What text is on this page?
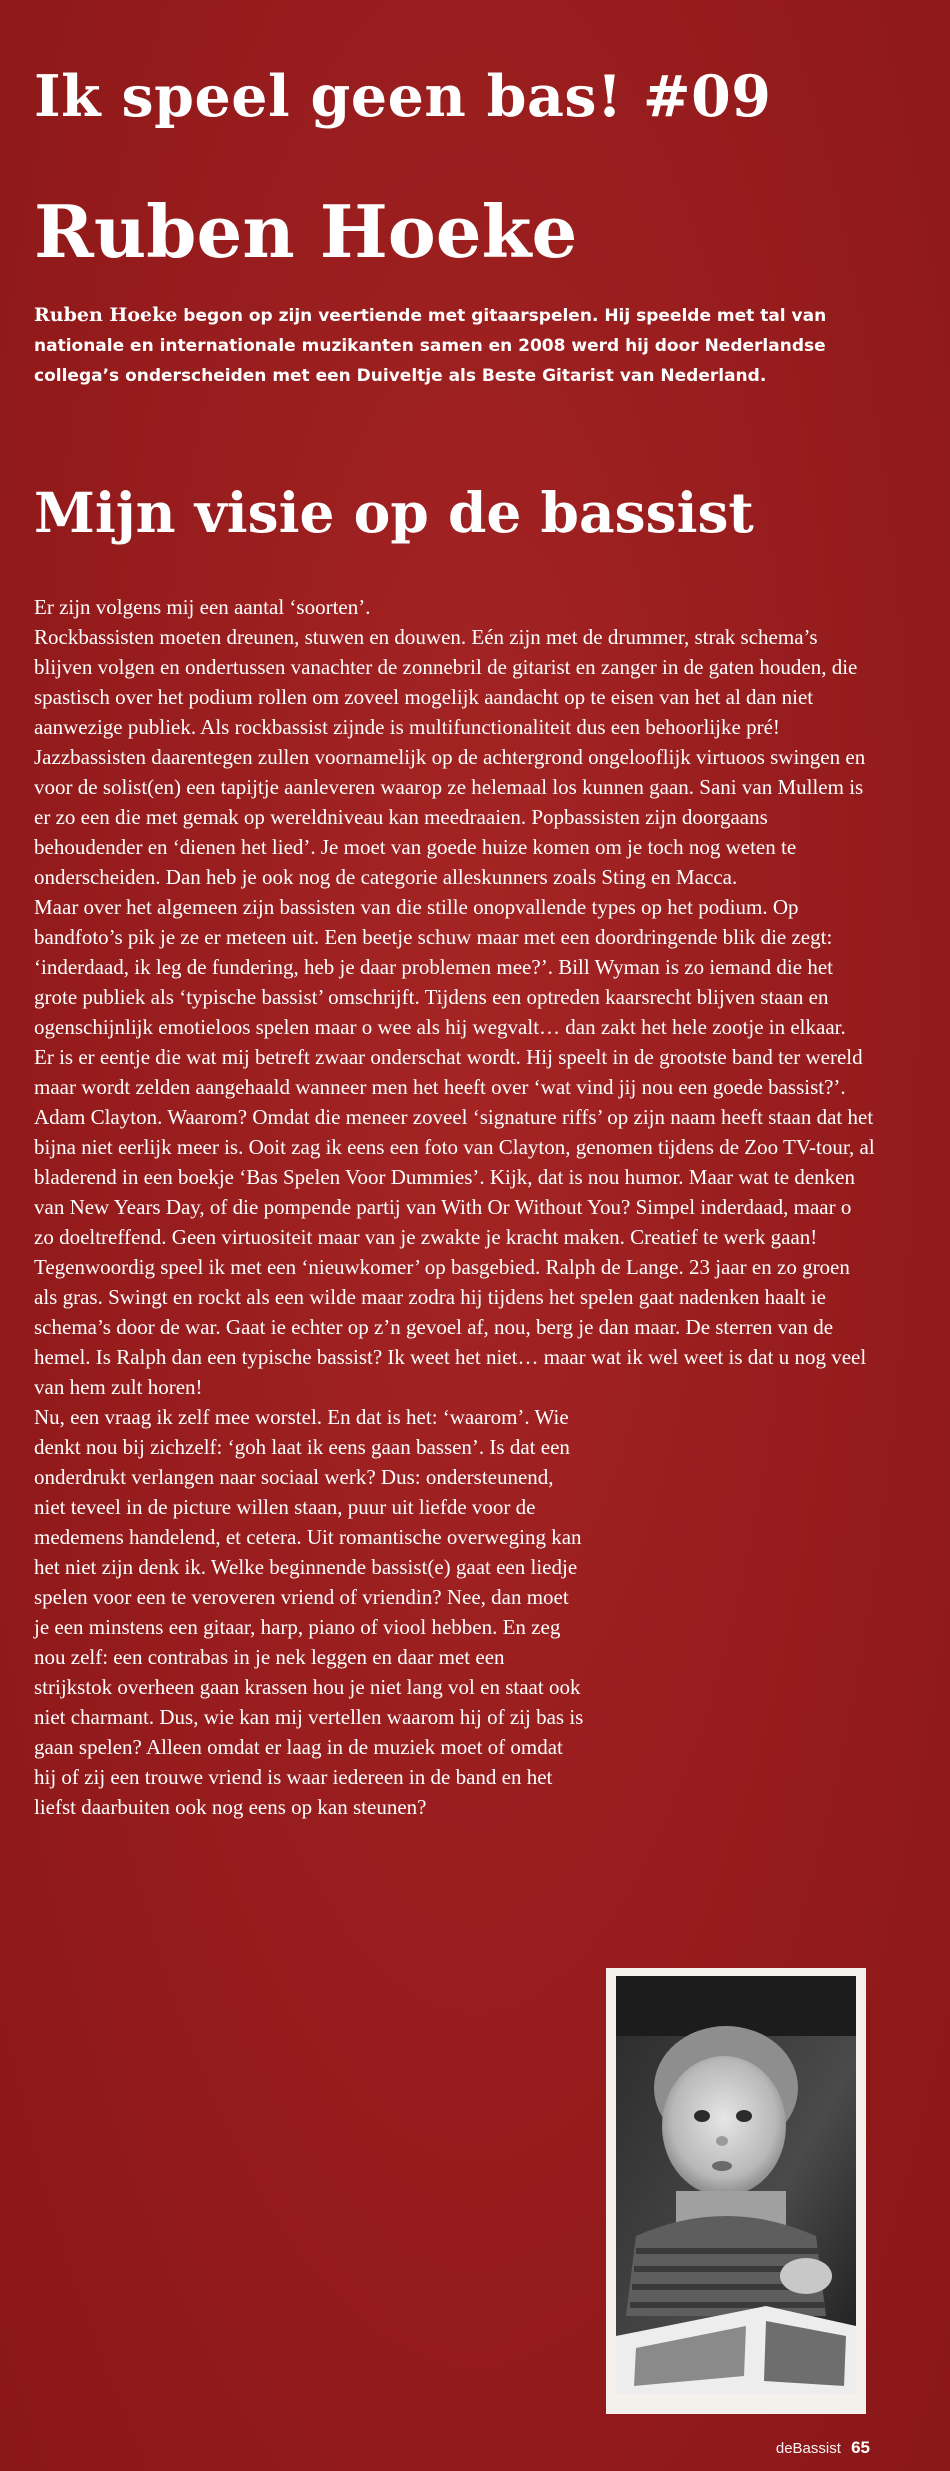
Ik speel geen bas! #09
Ruben Hoeke

Ruben Hoeke begon op zijn veertiende met gitaarspelen. Hij speelde met tal van nationale en internationale muzikanten samen en 2008 werd hij door Nederlandse collega’s onderscheiden met een Duiveltje als Beste Gitarist van Nederland.

Mijn visie op de bassist

Er zijn volgens mij een aantal ‘soorten’.

Rockbassisten moeten dreunen, stuwen en douwen. Eén zijn met de drummer, strak schema’s blijven volgen en ondertussen vanachter de zonnebril de gitarist en zanger in de gaten houden, die spastisch over het podium rollen om zoveel mogelijk aandacht op te eisen van het al dan niet aanwezige publiek. Als rockbassist zijnde is multifunctionaliteit dus een behoorlijke pré! Jazzbassisten daarentegen zullen voornamelijk op de achtergrond ongelooflijk virtuoos swingen en voor de solist(en) een tapijtje aanleveren waarop ze helemaal los kunnen gaan. Sani van Mullem is er zo een die met gemak op wereldniveau kan meedraaien. Popbassisten zijn doorgaans behoudender en ‘dienen het lied’. Je moet van goede huize komen om je toch nog weten te onderscheiden. Dan heb je ook nog de categorie alleskunners zoals Sting en Macca.

Maar over het algemeen zijn bassisten van die stille onopvallende types op het podium. Op bandfoto’s pik je ze er meteen uit. Een beetje schuw maar met een doordringende blik die zegt: ‘inderdaad, ik leg de fundering, heb je daar problemen mee?’. Bill Wyman is zo iemand die het grote publiek als ‘typische bassist’ omschrijft. Tijdens een optreden kaarsrecht blijven staan en ogenschijnlijk emotieloos spelen maar o wee als hij wegvalt… dan zakt het hele zootje in elkaar.

Er is er eentje die wat mij betreft zwaar onderschat wordt. Hij speelt in de grootste band ter wereld maar wordt zelden aangehaald wanneer men het heeft over ‘wat vind jij nou een goede bassist?’.

Adam Clayton. Waarom? Omdat die meneer zoveel ‘signature riffs’ op zijn naam heeft staan dat het bijna niet eerlijk meer is. Ooit zag ik eens een foto van Clayton, genomen tijdens de Zoo TV-tour, al bladerend in een boekje ‘Bas Spelen Voor Dummies’. Kijk, dat is nou humor. Maar wat te denken van New Years Day, of die pompende partij van With Or Without You? Simpel inderdaad, maar o zo doeltreffend. Geen virtuositeit maar van je zwakte je kracht maken. Creatief te werk gaan! Tegenwoordig speel ik met een ‘nieuwkomer’ op basgebied. Ralph de Lange. 23 jaar en zo groen als gras. Swingt en rockt als een wilde maar zodra hij tijdens het spelen gaat nadenken haalt ie schema’s door de war. Gaat ie echter op z’n gevoel af, nou, berg je dan maar. De sterren van de hemel. Is Ralph dan een typische bassist? Ik weet het niet… maar wat ik wel weet is dat u nog veel van hem zult horen!

Nu, een vraag ik zelf mee worstel. En dat is het: ‘waarom’. Wie denkt nou bij zichzelf: ‘goh laat ik eens gaan bassen’. Is dat een onderdrukt verlangen naar sociaal werk? Dus: ondersteunend, niet teveel in de picture willen staan, puur uit liefde voor de medemens handelend, et cetera. Uit romantische overweging kan het niet zijn denk ik. Welke beginnende bassist(e) gaat een liedje spelen voor een te veroveren vriend of vriendin? Nee, dan moet je een minstens een gitaar, harp, piano of viool hebben. En zeg nou zelf: een contrabas in je nek leggen en daar met een strijkstok overheen gaan krassen hou je niet lang vol en staat ook niet charmant. Dus, wie kan mij vertellen waarom hij of zij bas is gaan spelen? Alleen omdat er laag in de muziek moet of omdat hij of zij een trouwe vriend is waar iedereen in de band en het liefst daarbuiten ook nog eens op kan steunen?

deBassist 65
